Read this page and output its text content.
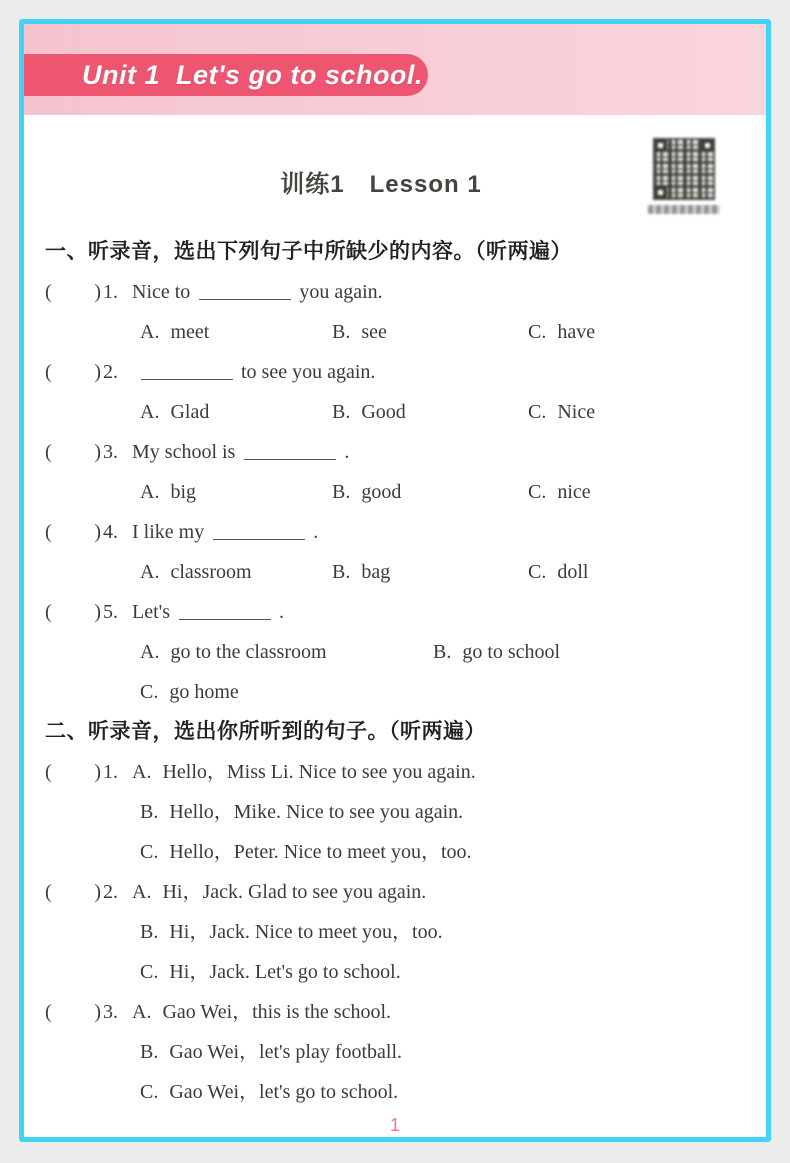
Unit 1  Let's go to school.
训练1　Lesson 1
一、听录音，选出下列句子中所缺少的内容。（听两遍）
( ) 1. Nice to	you again.
A. meet	B. see	C. have
( ) 2.	to see you again.
A. Glad	B. Good	C. Nice
( ) 3. My school is	.
A. big	B. good	C. nice
( ) 4. I like my	.
A. classroom	B. bag	C. doll
( ) 5. Let's	.
A. go to the classroom	B. go to school
C. go home
二、听录音，选出你所听到的句子。（听两遍）
( ) 1. A. Hello，Miss Li. Nice to see you again.
B. Hello，Mike. Nice to see you again.
C. Hello，Peter. Nice to meet you，too.
( ) 2. A. Hi，Jack. Glad to see you again.
B. Hi，Jack. Nice to meet you，too.
C. Hi，Jack. Let's go to school.
( ) 3. A. Gao Wei，this is the school.
B. Gao Wei，let's play football.
C. Gao Wei，let's go to school.
1
